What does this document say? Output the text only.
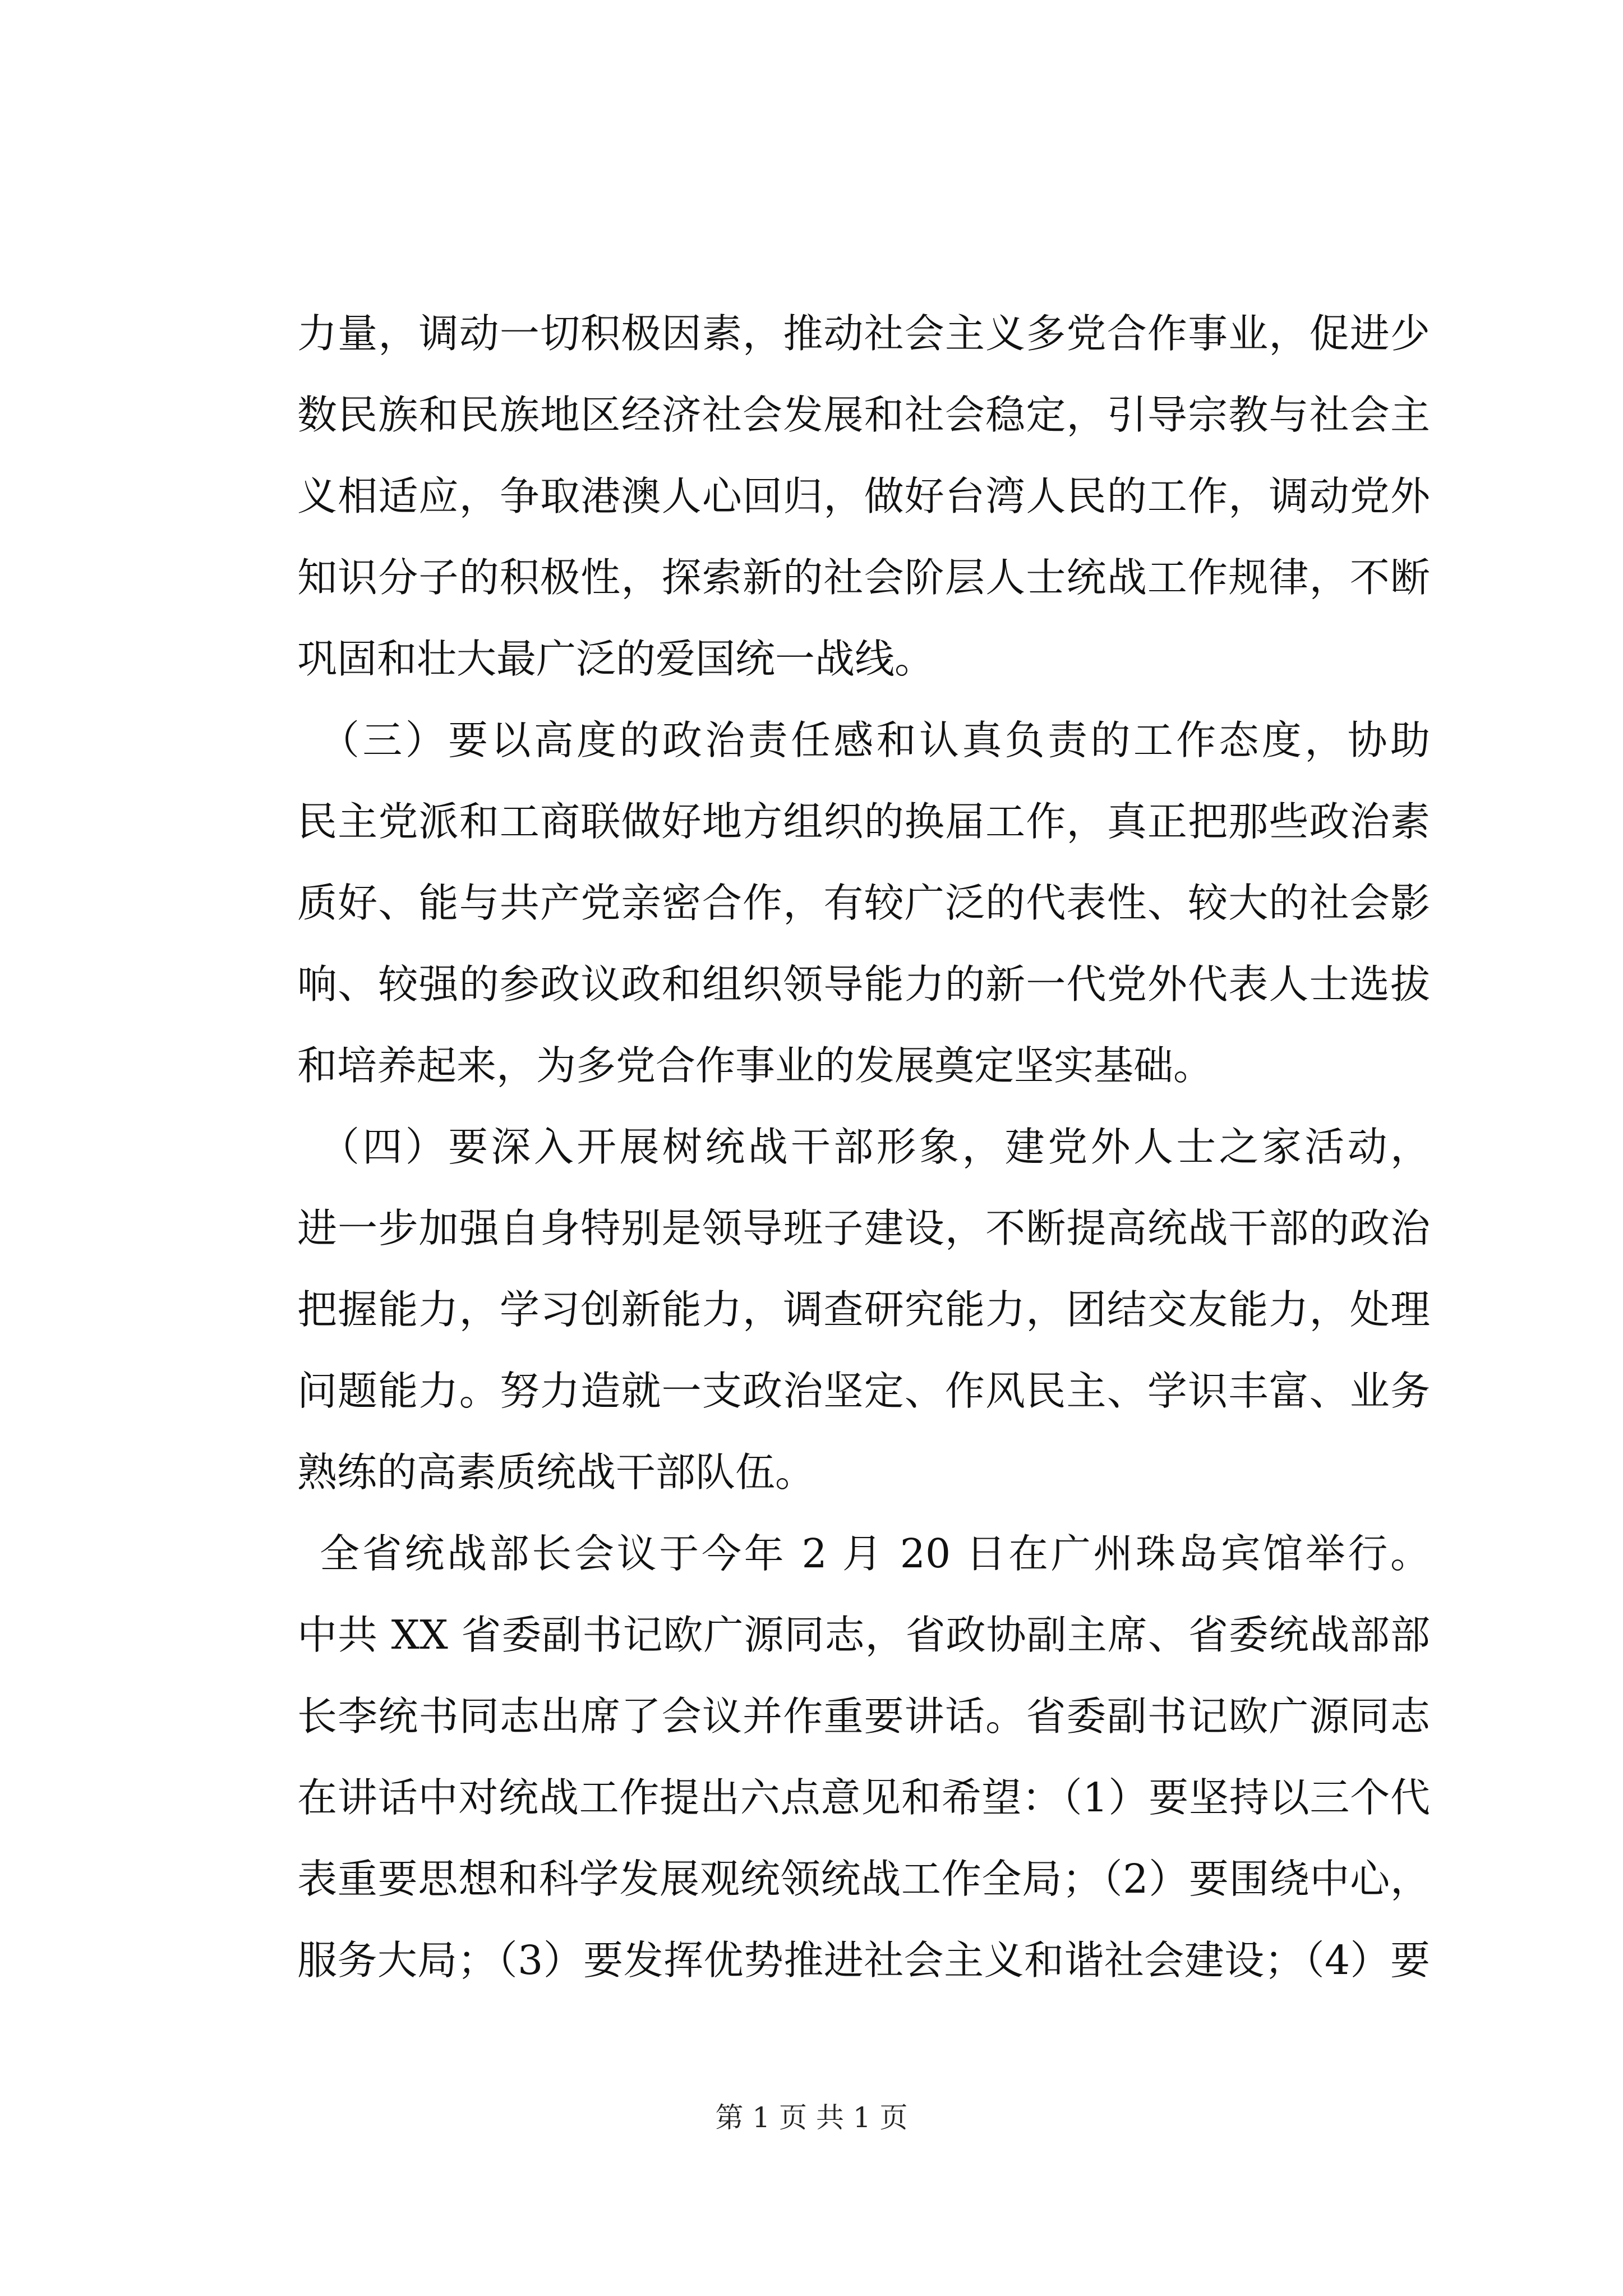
力量，调动一切积极因素，推动社会主义多党合作事业，促进少
数民族和民族地区经济社会发展和社会稳定，引导宗教与社会主
义相适应，争取港澳人心回归，做好台湾人民的工作，调动党外
知识分子的积极性，探索新的社会阶层人士统战工作规律，不断
巩固和壮大最广泛的爱国统一战线。
（三）要以高度的政治责任感和认真负责的工作态度，协助
民主党派和工商联做好地方组织的换届工作，真正把那些政治素
质好、能与共产党亲密合作，有较广泛的代表性、较大的社会影
响、较强的参政议政和组织领导能力的新一代党外代表人士选拔
和培养起来，为多党合作事业的发展奠定坚实基础。
（四）要深入开展树统战干部形象，建党外人士之家活动，
进一步加强自身特别是领导班子建设，不断提高统战干部的政治
把握能力，学习创新能力，调查研究能力，团结交友能力，处理
问题能力。努力造就一支政治坚定、作风民主、学识丰富、业务
熟练的高素质统战干部队伍。
全省统战部长会议于今年 2 月 20 日在广州珠岛宾馆举行。
中共 XX 省委副书记欧广源同志，省政协副主席、省委统战部部
长李统书同志出席了会议并作重要讲话。省委副书记欧广源同志
在讲话中对统战工作提出六点意见和希望：（1）要坚持以三个代
表重要思想和科学发展观统领统战工作全局；（2）要围绕中心，
服务大局；（3）要发挥优势推进社会主义和谐社会建设；（4）要
第 1 页 共 1 页
